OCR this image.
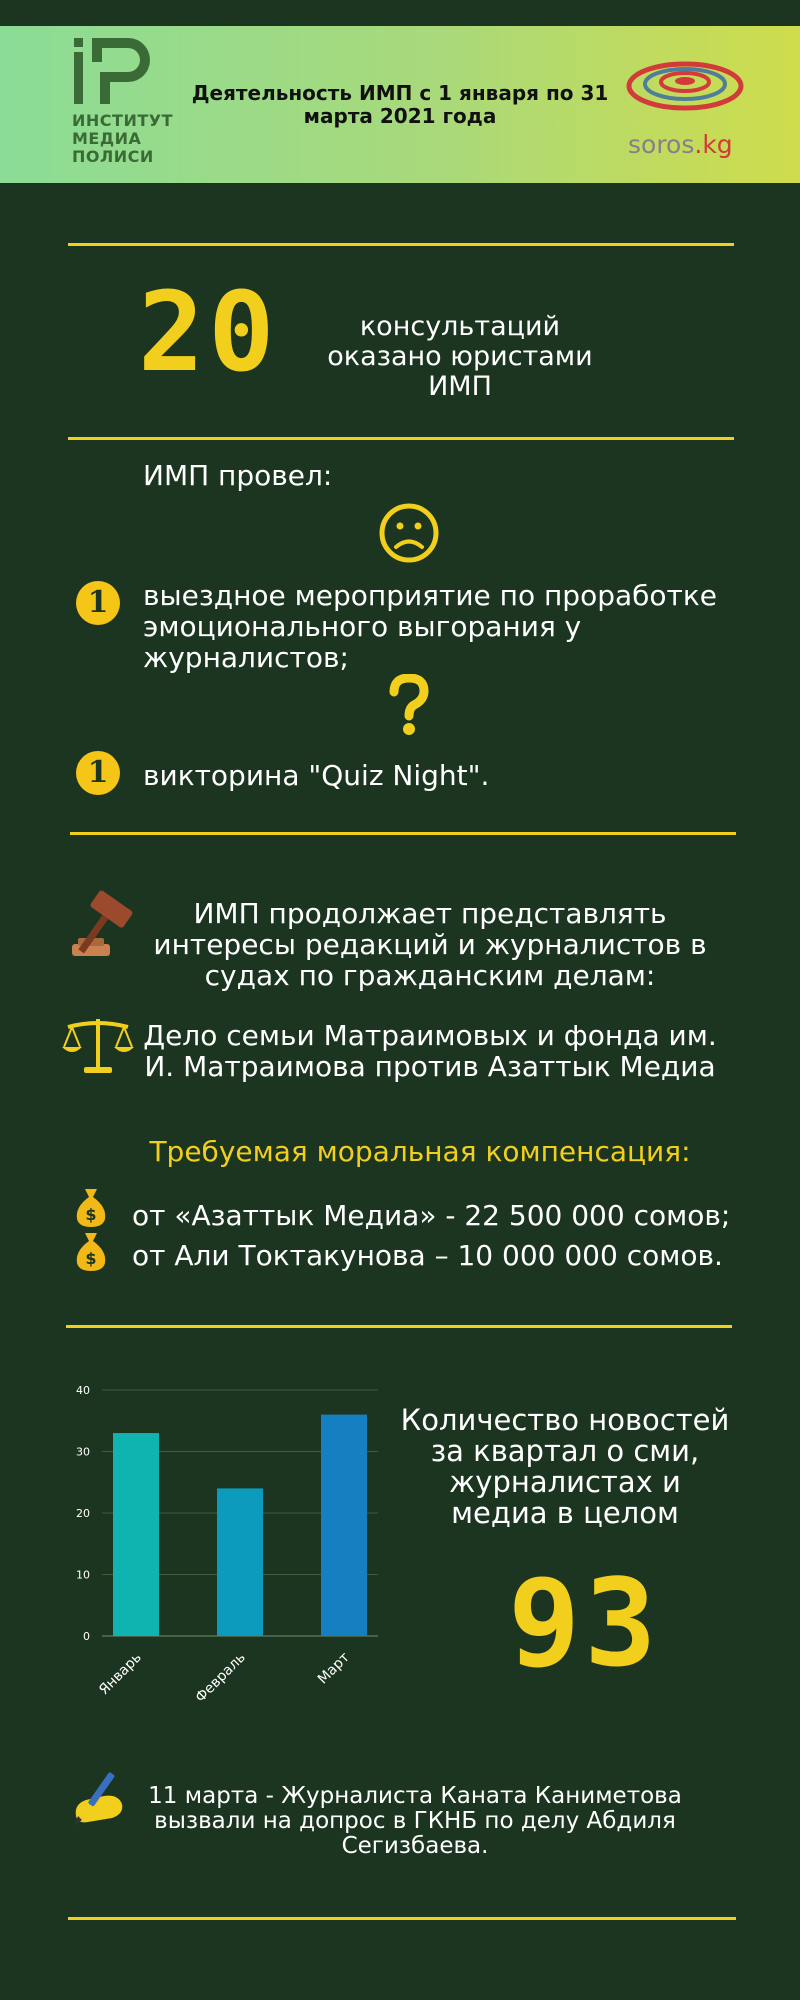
ИНСТИТУТ МЕДИА ПОЛИСИ
Деятельность ИМП с 1 января по 31 марта 2021 года
soros.kg
20	консультаций оказано юристами ИМП
ИМП провел:
1	выездное мероприятие по проработке эмоционального выгорания у журналистов;
1	викторина "Quiz Night".
ИМП продолжает представлять интересы редакций и журналистов в судах по гражданским делам:
Дело семьи Матраимовых и фонда им. И. Матраимова против Азаттык Медиа
Требуемая моральная компенсация:
$ от «Азаттык Медиа» - 22 500 000 сомов;
$ от Али Токтакунова – 10 000 000 сомов.
0
10
20
30
40
Январь	Февраль	Март
Количество новостей за квартал о сми, журналистах и медиа в целом
93
11 марта - Журналиста Каната Каниметова вызвали на допрос в ГКНБ по делу Абдиля Сегизбаева.
